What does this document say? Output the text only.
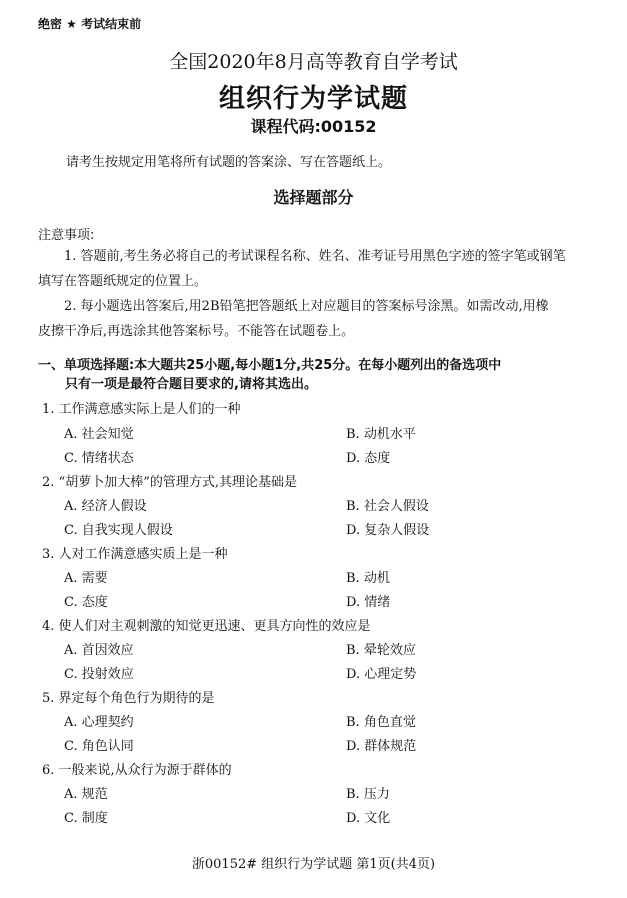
绝密 ★ 考试结束前
全国2020年8月高等教育自学考试
组织行为学试题
课程代码:00152
请考生按规定用笔将所有试题的答案涂、写在答题纸上。
选择题部分
注意事项:
1. 答题前,考生务必将自己的考试课程名称、姓名、准考证号用黑色字迹的签字笔或钢笔
填写在答题纸规定的位置上。
2. 每小题选出答案后,用2B铅笔把答题纸上对应题目的答案标号涂黑。如需改动,用橡
皮擦干净后,再选涂其他答案标号。不能答在试题卷上。
一、单项选择题:本大题共25小题,每小题1分,共25分。在每小题列出的备选项中
只有一项是最符合题目要求的,请将其选出。
1. 工作满意感实际上是人们的一种
A. 社会知觉	B. 动机水平
C. 情绪状态	D. 态度
2. “胡萝卜加大棒”的管理方式,其理论基础是
A. 经济人假设	B. 社会人假设
C. 自我实现人假设	D. 复杂人假设
3. 人对工作满意感实质上是一种
A. 需要	B. 动机
C. 态度	D. 情绪
4. 使人们对主观刺激的知觉更迅速、更具方向性的效应是
A. 首因效应	B. 晕轮效应
C. 投射效应	D. 心理定势
5. 界定每个角色行为期待的是
A. 心理契约	B. 角色直觉
C. 角色认同	D. 群体规范
6. 一般来说,从众行为源于群体的
A. 规范	B. 压力
C. 制度	D. 文化
浙00152# 组织行为学试题 第1页(共4页)
